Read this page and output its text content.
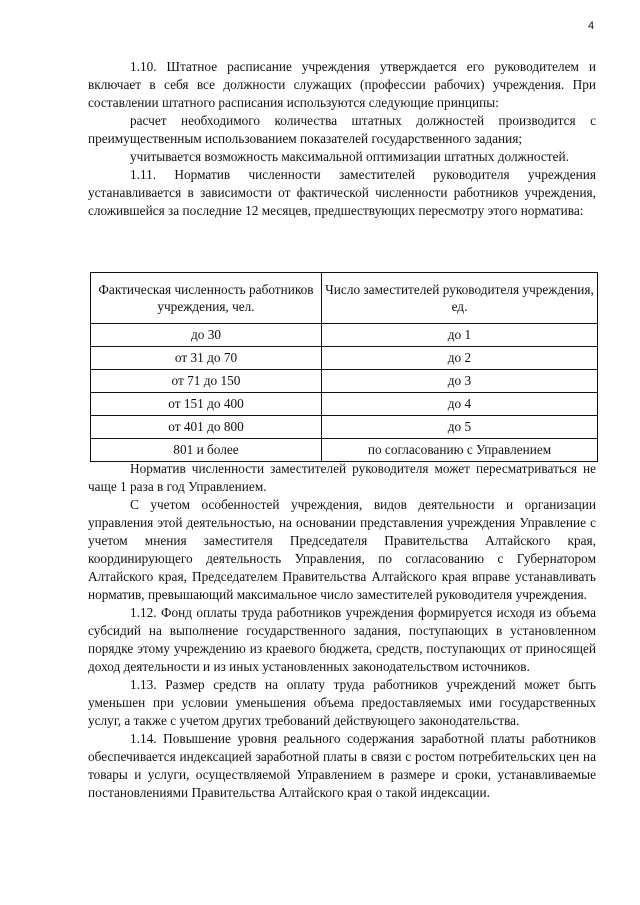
4

1.10. Штатное расписание учреждения утверждается его руководителем и включает в себя все должности служащих (профессии рабочих) учреждения. При составлении штатного расписания используются следующие принципы:

расчет необходимого количества штатных должностей производится с преимущественным использованием показателей государственного задания;

учитывается возможность максимальной оптимизации штатных должностей.

1.11. Норматив численности заместителей руководителя учреждения устанавливается в зависимости от фактической численности работников учреждения, сложившейся за последние 12 месяцев, предшествующих пересмотру этого норматива:

Фактическая численность работников учреждения, чел.	Число заместителей руководителя учреждения, ед.
до 30	до 1
от 31 до 70	до 2
от 71 до 150	до 3
от 151 до 400	до 4
от 401 до 800	до 5
801 и более	по согласованию с Управлением

Норматив численности заместителей руководителя может пересматриваться не чаще 1 раза в год Управлением.

С учетом особенностей учреждения, видов деятельности и организации управления этой деятельностью, на основании представления учреждения Управление с учетом мнения заместителя Председателя Правительства Алтайского края, координирующего деятельность Управления, по согласованию с Губернатором Алтайского края, Председателем Правительства Алтайского края вправе устанавливать норматив, превышающий максимальное число заместителей руководителя учреждения.

1.12. Фонд оплаты труда работников учреждения формируется исходя из объема субсидий на выполнение государственного задания, поступающих в установленном порядке этому учреждению из краевого бюджета, средств, поступающих от приносящей доход деятельности и из иных установленных законодательством источников.

1.13. Размер средств на оплату труда работников учреждений может быть уменьшен при условии уменьшения объема предоставляемых ими государственных услуг, а также с учетом других требований действующего законодательства.

1.14. Повышение уровня реального содержания заработной платы работников обеспечивается индексацией заработной платы в связи с ростом потребительских цен на товары и услуги, осуществляемой Управлением в размере и сроки, устанавливаемые постановлениями Правительства Алтайского края о такой индексации.
